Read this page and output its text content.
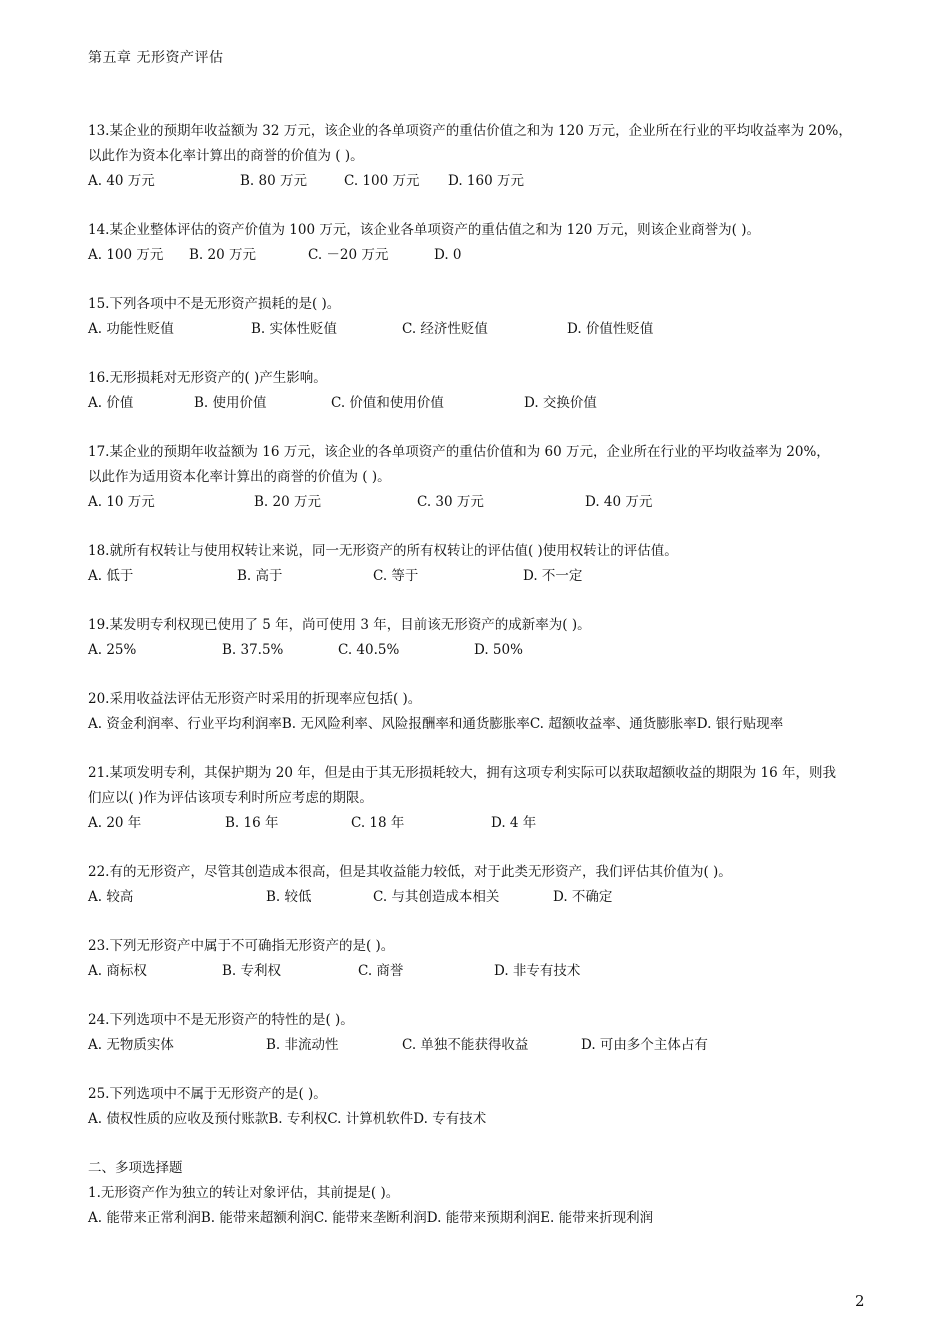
第五章 无形资产评估
13.某企业的预期年收益额为 32 万元，该企业的各单项资产的重估价值之和为 120 万元，企业所在行业的平均收益率为 20%，
以此作为资本化率计算出的商誉的价值为 ( )。
A. 40 万元	B. 80 万元	C. 100 万元 D. 160 万元
14.某企业整体评估的资产价值为 100 万元，该企业各单项资产的重估值之和为 120 万元，则该企业商誉为( )。
A. 100 万元 B. 20 万元	C. －20 万元	D. 0
15.下列各项中不是无形资产损耗的是( )。
A. 功能性贬值	B. 实体性贬值	C. 经济性贬值	D. 价值性贬值
16.无形损耗对无形资产的( )产生影响。
A. 价值	B. 使用价值	C. 价值和使用价值	D. 交换价值
17.某企业的预期年收益额为 16 万元，该企业的各单项资产的重估价值和为 60 万元，企业所在行业的平均收益率为 20%，
以此作为适用资本化率计算出的商誉的价值为 ( )。
A. 10 万元	B. 20 万元	C. 30 万元	D. 40 万元
18.就所有权转让与使用权转让来说，同一无形资产的所有权转让的评估值( )使用权转让的评估值。
A. 低于	B. 高于	C. 等于	D. 不一定
19.某发明专利权现已使用了 5 年，尚可使用 3 年，目前该无形资产的成新率为( )。
A. 25%	B. 37.5%	C. 40.5%	D. 50%
20.采用收益法评估无形资产时采用的折现率应包括( )。
A. 资金利润率、行业平均利润率B. 无风险利率、风险报酬率和通货膨胀率C. 超额收益率、通货膨胀率D. 银行贴现率
21.某项发明专利，其保护期为 20 年，但是由于其无形损耗较大，拥有这项专利实际可以获取超额收益的期限为 16 年，则我
们应以( )作为评估该项专利时所应考虑的期限。
A. 20 年	B. 16 年	C. 18 年	D. 4 年
22.有的无形资产，尽管其创造成本很高，但是其收益能力较低，对于此类无形资产，我们评估其价值为( )。
A. 较高	B. 较低	C. 与其创造成本相关	D. 不确定
23.下列无形资产中属于不可确指无形资产的是( )。
A. 商标权	B. 专利权	C. 商誉	D. 非专有技术
24.下列选项中不是无形资产的特性的是( )。
A. 无物质实体	B. 非流动性	C. 单独不能获得收益	D. 可由多个主体占有
25.下列选项中不属于无形资产的是( )。
A. 债权性质的应收及预付账款B. 专利权C. 计算机软件D. 专有技术
二、多项选择题
1.无形资产作为独立的转让对象评估，其前提是( )。
A. 能带来正常利润B. 能带来超额利润C. 能带来垄断利润D. 能带来预期利润E. 能带来折现利润
2
